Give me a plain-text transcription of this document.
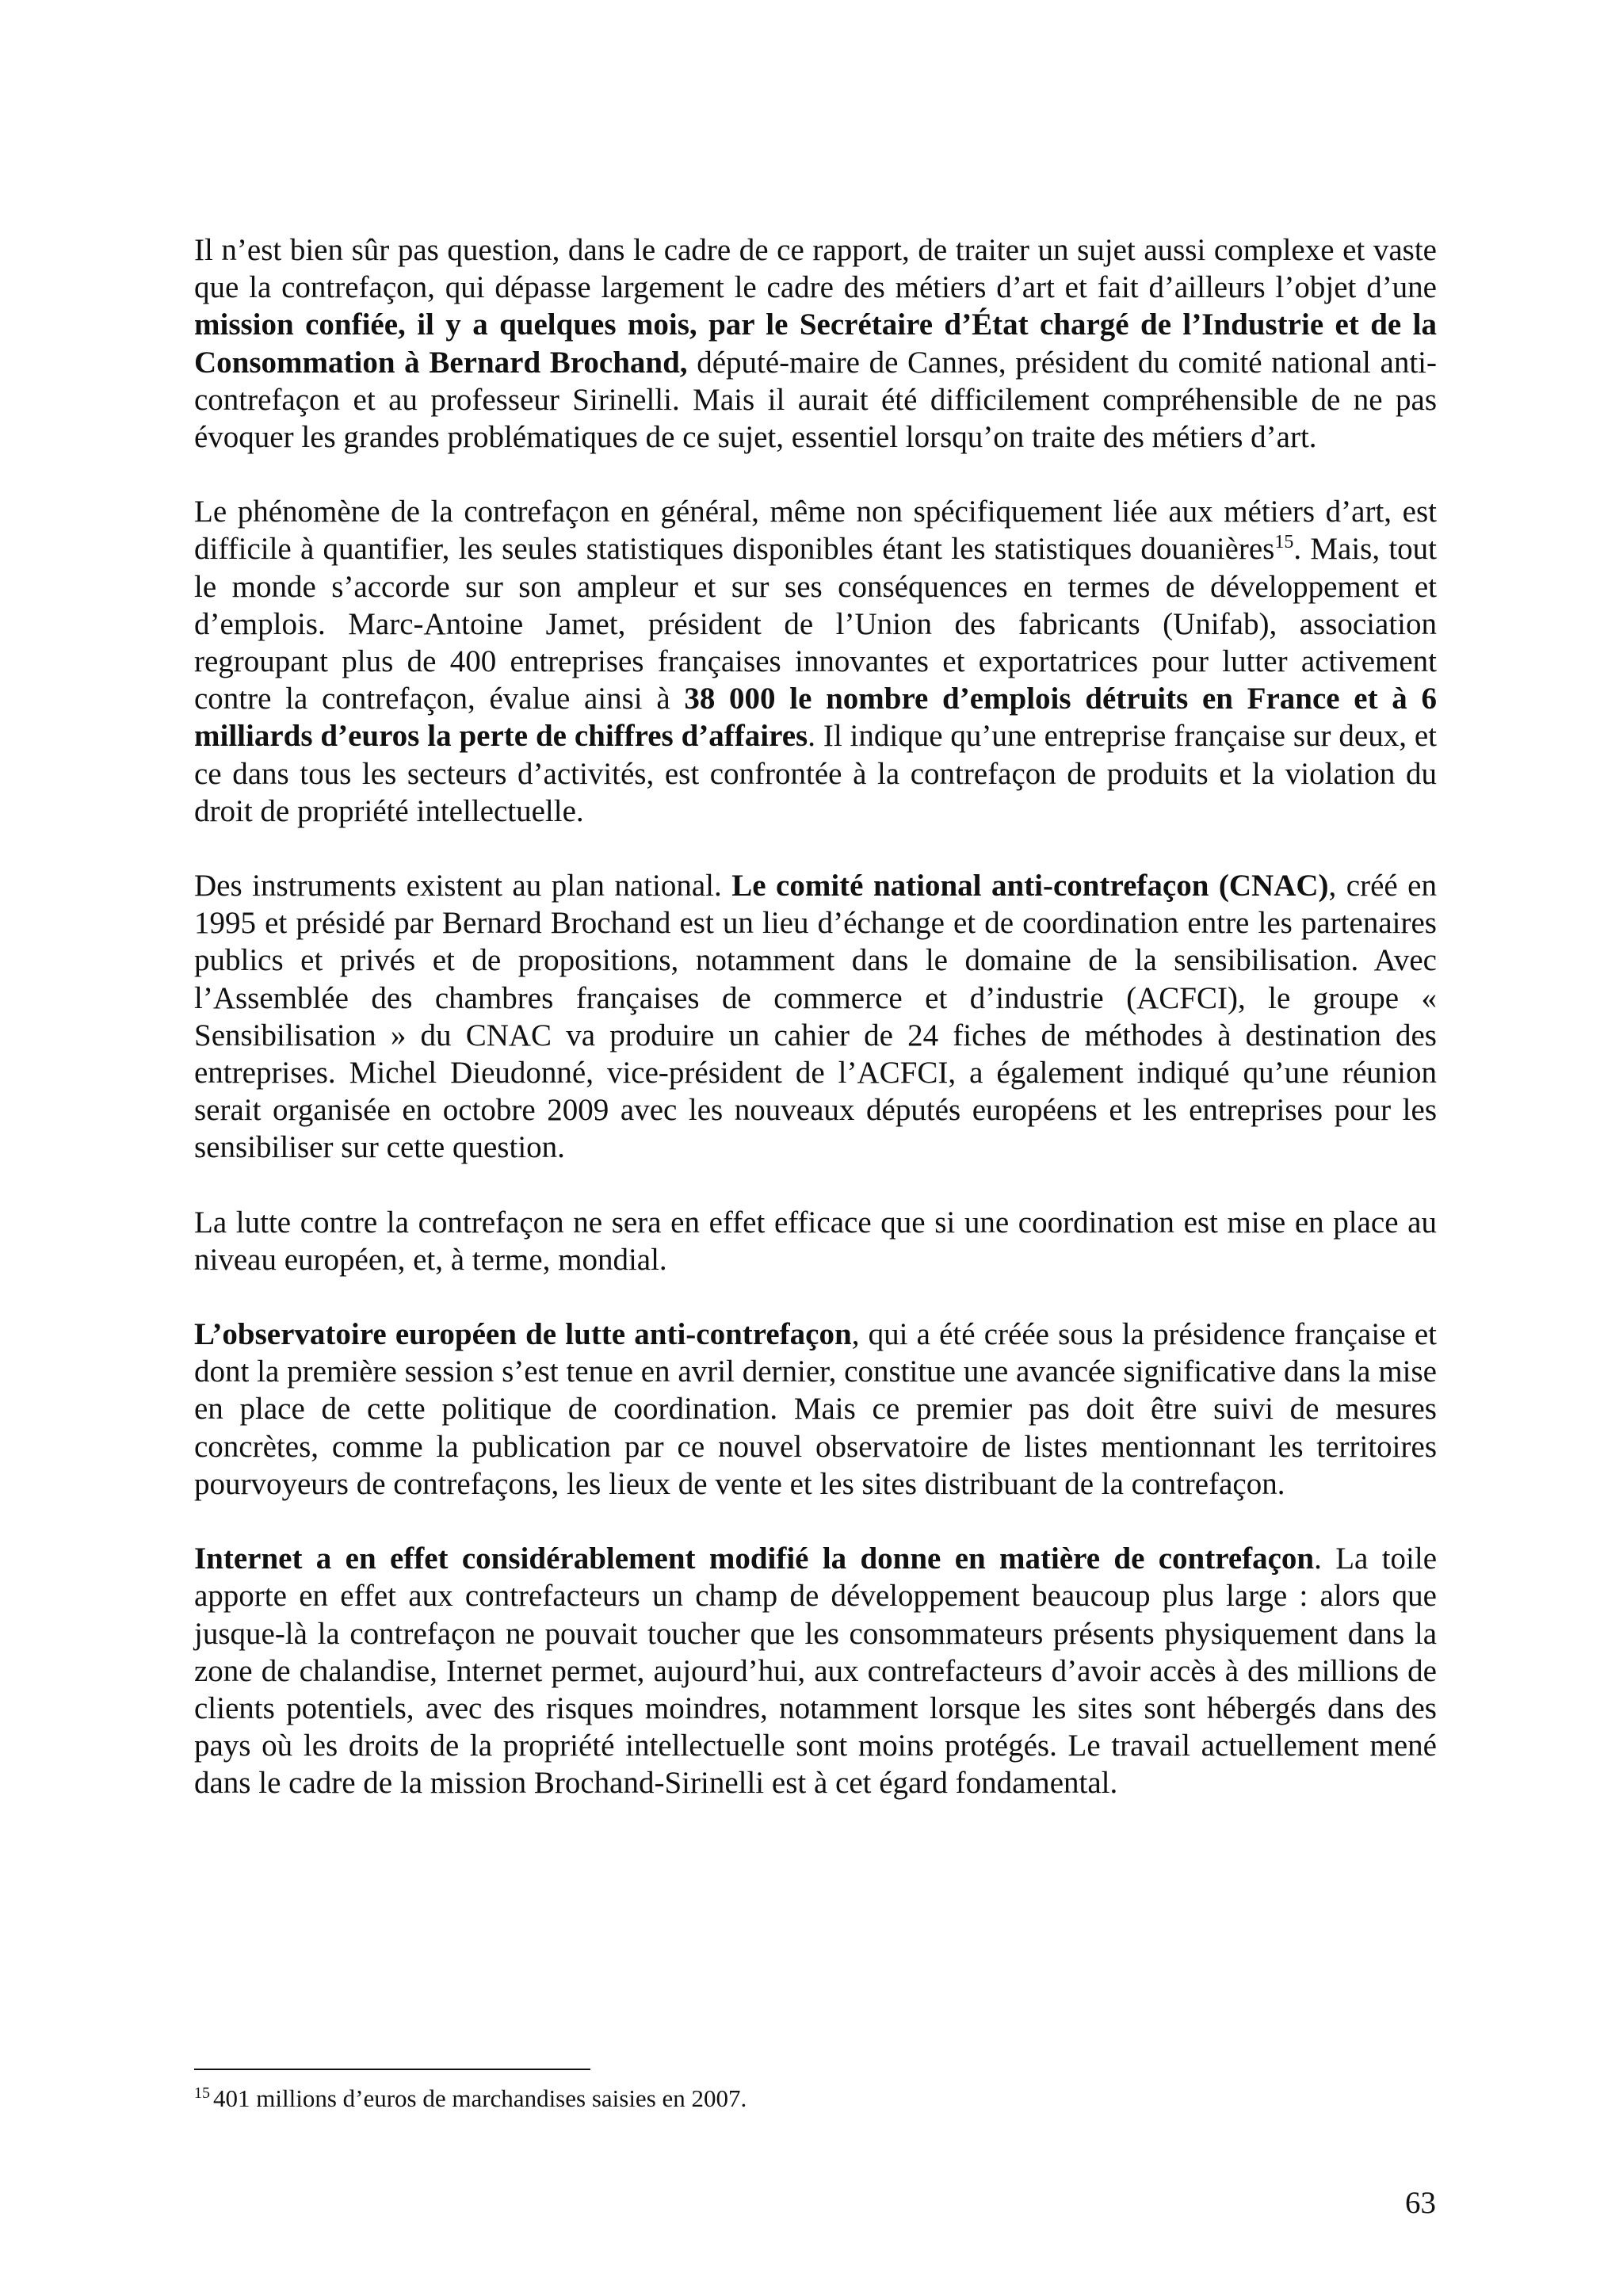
Il n’est bien sûr pas question, dans le cadre de ce rapport, de traiter un sujet aussi complexe et vaste que la contrefaçon, qui dépasse largement le cadre des métiers d’art et fait d’ailleurs l’objet d’une mission confiée, il y a quelques mois, par le Secrétaire d’État chargé de l’Industrie et de la Consommation à Bernard Brochand, député-maire de Cannes, président du comité national anti-contrefaçon et au professeur Sirinelli. Mais il aurait été difficilement compréhensible de ne pas évoquer les grandes problématiques de ce sujet, essentiel lorsqu’on traite des métiers d’art.

Le phénomène de la contrefaçon en général, même non spécifiquement liée aux métiers d’art, est difficile à quantifier, les seules statistiques disponibles étant les statistiques douanières$^{15}$. Mais, tout le monde s’accorde sur son ampleur et sur ses conséquences en termes de développement et d’emplois. Marc-Antoine Jamet, président de l’Union des fabricants (Unifab), association regroupant plus de 400 entreprises françaises innovantes et exportatrices pour lutter activement contre la contrefaçon, évalue ainsi à 38 000 le nombre d’emplois détruits en France et à 6 milliards d’euros la perte de chiffres d’affaires. Il indique qu’une entreprise française sur deux, et ce dans tous les secteurs d’activités, est confrontée à la contrefaçon de produits et la violation du droit de propriété intellectuelle.

Des instruments existent au plan national. Le comité national anti-contrefaçon (CNAC), créé en 1995 et présidé par Bernard Brochand est un lieu d’échange et de coordination entre les partenaires publics et privés et de propositions, notamment dans le domaine de la sensibilisation. Avec l’Assemblée des chambres françaises de commerce et d’industrie (ACFCI), le groupe « Sensibilisation » du CNAC va produire un cahier de 24 fiches de méthodes à destination des entreprises. Michel Dieudonné, vice-président de l’ACFCI, a également indiqué qu’une réunion serait organisée en octobre 2009 avec les nouveaux députés européens et les entreprises pour les sensibiliser sur cette question.

La lutte contre la contrefaçon ne sera en effet efficace que si une coordination est mise en place au niveau européen, et, à terme, mondial.

L’observatoire européen de lutte anti-contrefaçon, qui a été créée sous la présidence française et dont la première session s’est tenue en avril dernier, constitue une avancée significative dans la mise en place de cette politique de coordination. Mais ce premier pas doit être suivi de mesures concrètes, comme la publication par ce nouvel observatoire de listes mentionnant les territoires pourvoyeurs de contrefaçons, les lieux de vente et les sites distribuant de la contrefaçon.

Internet a en effet considérablement modifié la donne en matière de contrefaçon. La toile apporte en effet aux contrefacteurs un champ de développement beaucoup plus large : alors que jusque-là la contrefaçon ne pouvait toucher que les consommateurs présents physiquement dans la zone de chalandise, Internet permet, aujourd’hui, aux contrefacteurs d’avoir accès à des millions de clients potentiels, avec des risques moindres, notamment lorsque les sites sont hébergés dans des pays où les droits de la propriété intellectuelle sont moins protégés. Le travail actuellement mené dans le cadre de la mission Brochand-Sirinelli est à cet égard fondamental.

$^{15}$ 401 millions d’euros de marchandises saisies en 2007.
63
